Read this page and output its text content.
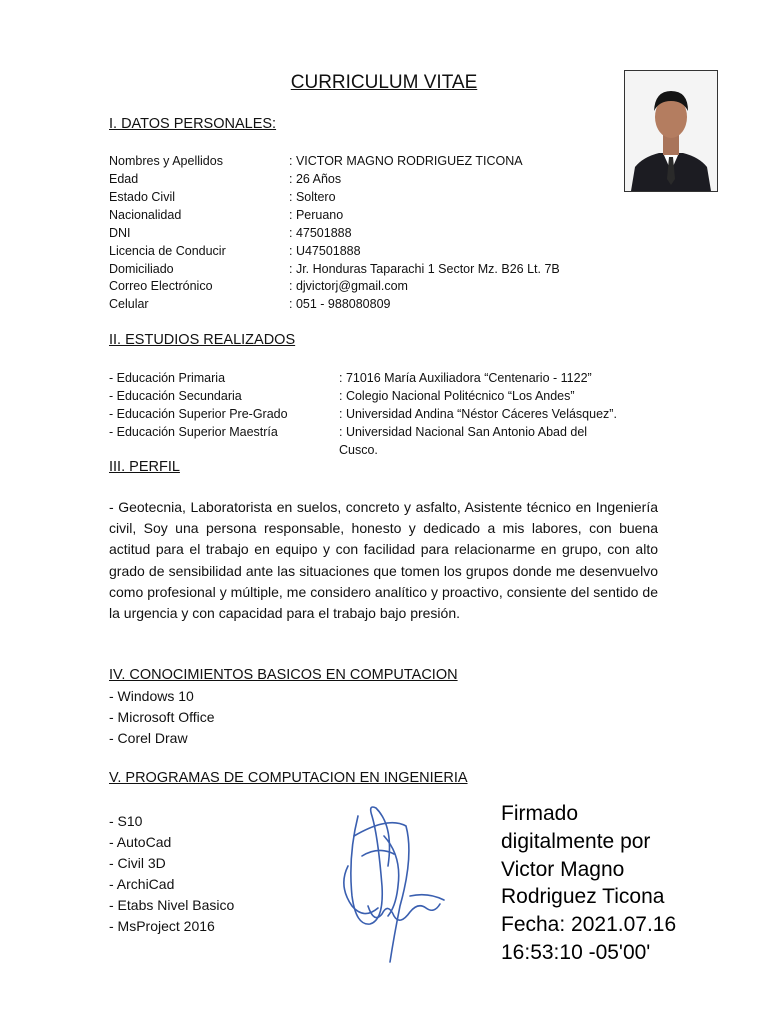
CURRICULUM VITAE
I. DATOS PERSONALES:
Nombres y Apellidos	: VICTOR MAGNO RODRIGUEZ TICONA
Edad	: 26 Años
Estado Civil	: Soltero
Nacionalidad	: Peruano
DNI	: 47501888
Licencia de Conducir	: U47501888
Domiciliado	: Jr. Honduras Taparachi 1 Sector Mz. B26 Lt. 7B
Correo Electrónico	: djvictorj@gmail.com
Celular	: 051 - 988080809
II. ESTUDIOS REALIZADOS
- Educación Primaria	: 71016 María Auxiliadora “Centenario - 1122”
- Educación Secundaria	: Colegio Nacional Politécnico “Los Andes”
- Educación Superior Pre-Grado	: Universidad Andina “Néstor Cáceres Velásquez”.
- Educación Superior Maestría	: Universidad Nacional San Antonio Abad del
Cusco.
III. PERFIL
- Geotecnia, Laboratorista en suelos, concreto y asfalto, Asistente técnico en Ingeniería civil, Soy una persona responsable, honesto y dedicado a mis labores, con buena actitud para el trabajo en equipo y con facilidad para relacionarme en grupo, con alto grado de sensibilidad ante las situaciones que tomen los grupos donde me desenvuelvo como profesional y múltiple, me considero analítico y proactivo, consiente del sentido de la urgencia y con capacidad para el trabajo bajo presión.
IV. CONOCIMIENTOS BASICOS EN COMPUTACION
- Windows 10
- Microsoft Office
- Corel Draw
V. PROGRAMAS DE COMPUTACION EN INGENIERIA
- S10
- AutoCad
- Civil 3D
- ArchiCad
- Etabs Nivel Basico
- MsProject 2016
Firmado
digitalmente por
Victor Magno
Rodriguez Ticona
Fecha: 2021.07.16
16:53:10 -05'00'
